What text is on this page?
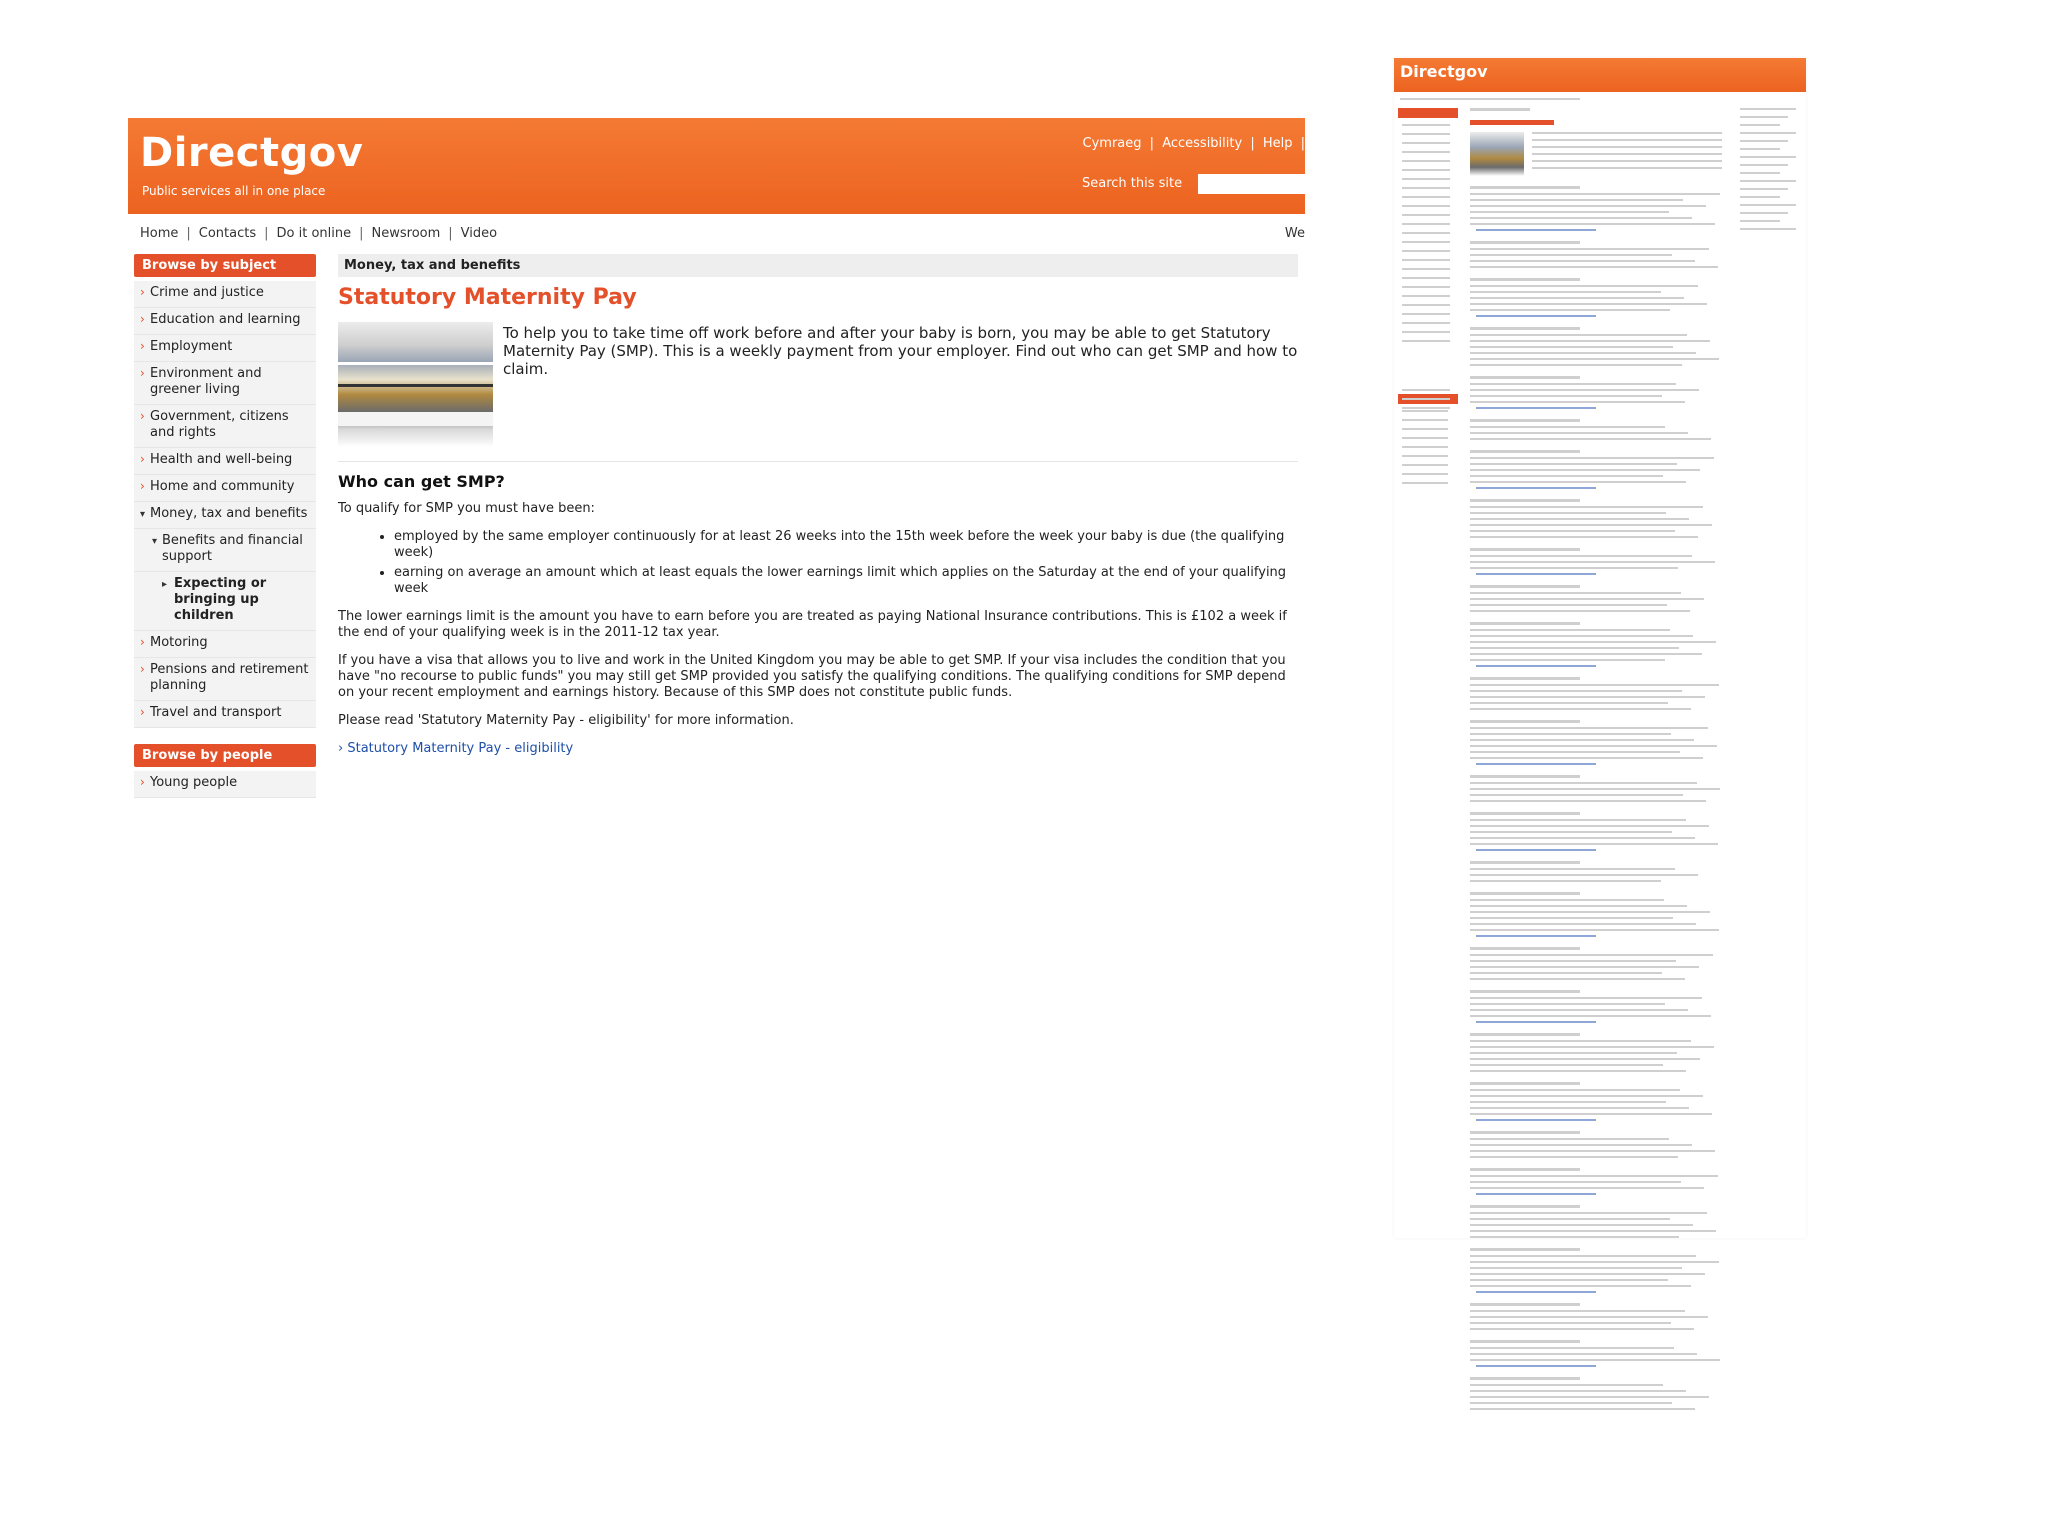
Directgov
Public services all in one place
Cymraeg | Accessibility | Help |
Search this site
Home | Contacts | Do it online | Newsroom | Video	We
Browse by subject
› Crime and justice
› Education and learning
› Employment
› Environment and greener living
› Government, citizens and rights
› Health and well-being
› Home and community
▾ Money, tax and benefits
▾ Benefits and financial support
▸ Expecting or bringing up children
› Motoring
› Pensions and retirement planning
› Travel and transport
Browse by people
› Young people
Money, tax and benefits
Statutory Maternity Pay
To help you to take time off work before and after your baby is born, you may be able to get Statutory Maternity Pay (SMP). This is a weekly payment from your employer. Find out who can get SMP and how to claim.
Who can get SMP?

To qualify for SMP you must have been:

• employed by the same employer continuously for at least 26 weeks into the 15th week before the week your baby is due (the qualifying week)
• earning on average an amount which at least equals the lower earnings limit which applies on the Saturday at the end of your qualifying week

The lower earnings limit is the amount you have to earn before you are treated as paying National Insurance contributions. This is £102 a week if the end of your qualifying week is in the 2011-12 tax year.

If you have a visa that allows you to live and work in the United Kingdom you may be able to get SMP. If your visa includes the condition that you have "no recourse to public funds" you may still get SMP provided you satisfy the qualifying conditions. The qualifying conditions for SMP depend on your recent employment and earnings history. Because of this SMP does not constitute public funds.

Please read 'Statutory Maternity Pay - eligibility' for more information.

› Statutory Maternity Pay - eligibility
Directgov
